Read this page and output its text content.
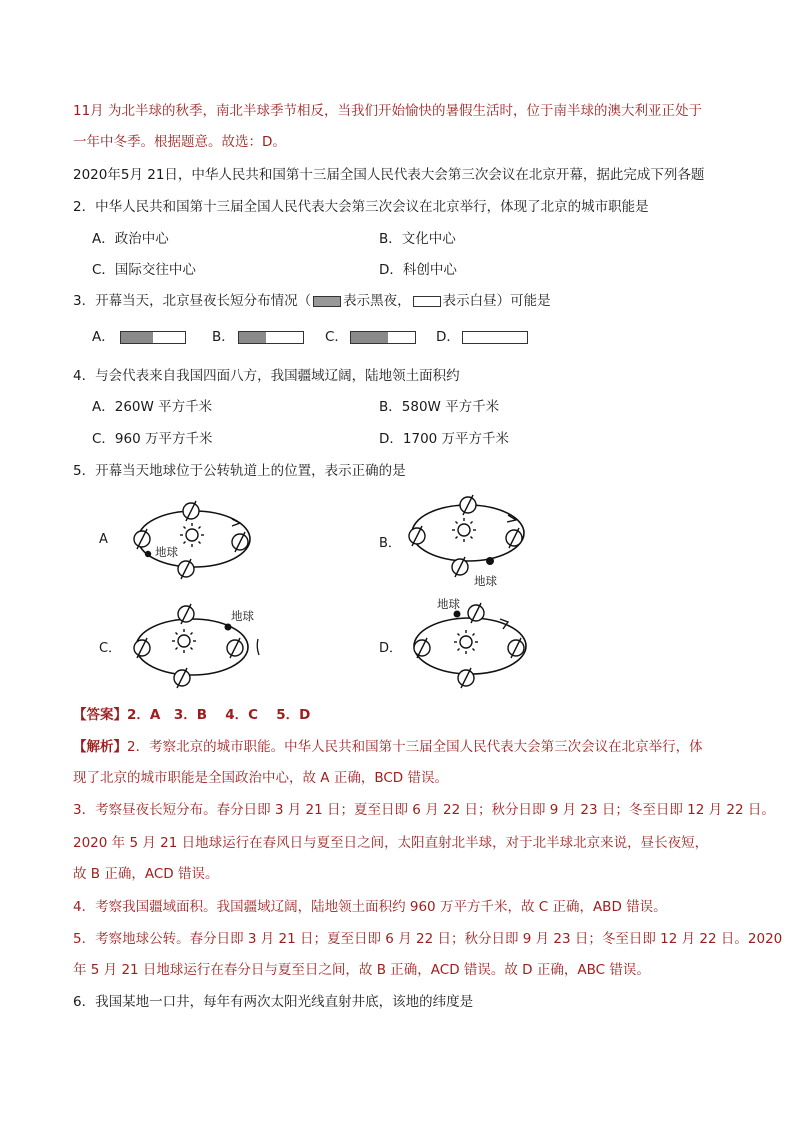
11月 为北半球的秋季，南北半球季节相反，当我们开始愉快的暑假生活时，位于南半球的澳大利亚正处于
一年中冬季。根据题意。故选：D。
2020年5月 21日，中华人民共和国第十三届全国人民代表大会第三次会议在北京开幕，据此完成下列各题
2．中华人民共和国第十三届全国人民代表大会第三次会议在北京举行，体现了北京的城市职能是
A．政治中心	B．文化中心
C．国际交往中心	D．科创中心
3．开幕当天，北京昼夜长短分布情况（ 表示黑夜， 表示白昼）可能是
A．	B．	C．	D．
4．与会代表来自我国四面八方，我国疆域辽阔，陆地领土面积约
A．260W 平方千米	B．580W 平方千米
C．960 万平方千米	D．1700 万平方千米
5．开幕当天地球位于公转轨道上的位置，表示正确的是
A	B．
C．	D．
地球
地球
地球
地球
【答案】2．A　3．B　 4．C　 5．D
【解析】2．考察北京的城市职能。中华人民共和国第十三届全国人民代表大会第三次会议在北京举行，体
现了北京的城市职能是全国政治中心，故 A 正确，BCD 错误。
3．考察昼夜长短分布。春分日即 3 月 21 日；夏至日即 6 月 22 日；秋分日即 9 月 23 日；冬至日即 12 月 22 日。
2020 年 5 月 21 日地球运行在春风日与夏至日之间，太阳直射北半球，对于北半球北京来说，昼长夜短，
故 B 正确，ACD 错误。
4．考察我国疆域面积。我国疆域辽阔，陆地领土面积约 960 万平方千米，故 C 正确，ABD 错误。
5．考察地球公转。春分日即 3 月 21 日；夏至日即 6 月 22 日；秋分日即 9 月 23 日；冬至日即 12 月 22 日。2020
年 5 月 21 日地球运行在春分日与夏至日之间，故 B 正确，ACD 错误。故 D 正确，ABC 错误。
6．我国某地一口井，每年有两次太阳光线直射井底，该地的纬度是
